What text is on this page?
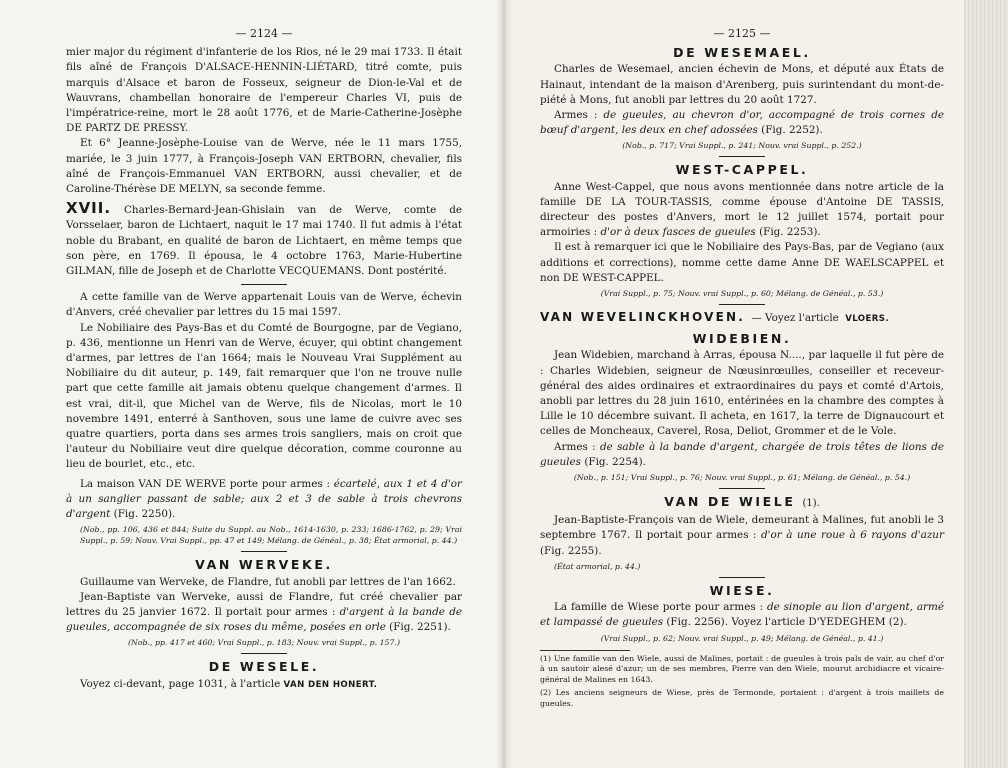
— 2124 —

mier major du régiment d'infanterie de los Rios, né le 29 mai 1733. Il était fils aîné de François D'ALSACE-HENNIN-LIÉTARD, titré comte, puis marquis d'Alsace et baron de Fosseux, seigneur de Dion-le-Val et de Wauvrans, chambellan honoraire de l'empereur Charles VI, puis de l'impératrice-reine, mort le 28 août 1776, et de Marie-Catherine-Josèphe DE PARTZ DE PRESSY.

Et 6° Jeanne-Josèphe-Louise van de Werve, née le 11 mars 1755, mariée, le 3 juin 1777, à François-Joseph VAN ERTBORN, chevalier, fils aîné de François-Emmanuel VAN ERTBORN, aussi chevalier, et de Caroline-Thérèse DE MELYN, sa seconde femme.

XVII. Charles-Bernard-Jean-Ghislain van de Werve, comte de Vorsselaer, baron de Lichtaert, naquit le 17 mai 1740. Il fut admis à l'état noble du Brabant, en qualité de baron de Lichtaert, en même temps que son père, en 1769. Il épousa, le 4 octobre 1763, Marie-Hubertine GILMAN, fille de Joseph et de Charlotte VECQUEMANS. Dont postérité.

A cette famille van de Werve appartenait Louis van de Werve, échevin d'Anvers, créé chevalier par lettres du 15 mai 1597.

Le Nobiliaire des Pays-Bas et du Comté de Bourgogne, par de Vegiano, p. 436, mentionne un Henri van de Werve, écuyer, qui obtint changement d'armes, par lettres de l'an 1664; mais le Nouveau Vrai Supplément au Nobiliaire du dit auteur, p. 149, fait remarquer que l'on ne trouve nulle part que cette famille ait jamais obtenu quelque changement d'armes. Il est vrai, dit-il, que Michel van de Werve, fils de Nicolas, mort le 10 novembre 1491, enterré à Santhoven, sous une lame de cuivre avec ses quatre quartiers, porta dans ses armes trois sangliers, mais on croit que l'auteur du Nobiliaire veut dire quelque décoration, comme couronne au lieu de bourlet, etc., etc.

La maison VAN DE WERVE porte pour armes : écartelé, aux 1 et 4 d'or à un sanglier passant de sable; aux 2 et 3 de sable à trois chevrons d'argent (Fig. 2250).

(Nob., pp. 106, 436 et 844; Suite du Suppl. au Nob., 1614-1630, p. 233; 1686-1762, p. 29; Vrai Suppl., p. 59; Nouv. Vrai Suppl., pp. 47 et 149; Mélang. de Généal., p. 38; État armorial, p. 44.)

VAN WERVEKE.

Guillaume van Werveke, de Flandre, fut anobli par lettres de l'an 1662.

Jean-Baptiste van Werveke, aussi de Flandre, fut créé chevalier par lettres du 25 janvier 1672. Il portait pour armes : d'argent à la bande de gueules, accompagnée de six roses du même, posées en orle (Fig. 2251).

(Nob., pp. 417 et 460; Vrai Suppl., p. 183; Nouv. vrai Suppl., p. 157.)

DE WESELE.

Voyez ci-devant, page 1031, à l'article VAN DEN HONERT.

— 2125 —
DE WESEMAEL.

Charles de Wesemael, ancien échevin de Mons, et député aux États de Hainaut, intendant de la maison d'Arenberg, puis surintendant du mont-de-piété à Mons, fut anobli par lettres du 20 août 1727.

Armes : de gueules, au chevron d'or, accompagné de trois cornes de bœuf d'argent, les deux en chef adossées (Fig. 2252).

(Nob., p. 717; Vrai Suppl., p. 241; Nouv. vrai Suppl., p. 252.)

WEST-CAPPEL.

Anne West-Cappel, que nous avons mentionnée dans notre article de la famille DE LA TOUR-TASSIS, comme épouse d'Antoine DE TASSIS, directeur des postes d'Anvers, mort le 12 juillet 1574, portait pour armoiries : d'or à deux fasces de gueules (Fig. 2253).

Il est à remarquer ici que le Nobiliaire des Pays-Bas, par de Vegiano (aux additions et corrections), nomme cette dame Anne DE WAELSCAPPEL et non DE WEST-CAPPEL.

(Vrai Suppl., p. 75; Nouv. vrai Suppl., p. 60; Mélang. de Généal., p. 53.)

VAN WEVELINCKHOVEN. — Voyez l'article VLOERS.
WIDEBIEN.

Jean Widebien, marchand à Arras, épousa N...., par laquelle il fut père de : Charles Widebien, seigneur de Nœusinrœulles, conseiller et receveur-général des aides ordinaires et extraordinaires du pays et comté d'Artois, anobli par lettres du 28 juin 1610, entérinées en la chambre des comptes à Lille le 10 décembre suivant. Il acheta, en 1617, la terre de Dignaucourt et celles de Moncheaux, Caverel, Rosa, Deliot, Grommer et de le Vole.

Armes : de sable à la bande d'argent, chargée de trois têtes de lions de gueules (Fig. 2254).

(Nob., p. 151; Vrai Suppl., p. 76; Nouv. vrai Suppl., p. 61; Mélang. de Généal., p. 54.)

VAN DE WIELE (1).

Jean-Baptiste-François van de Wiele, demeurant à Malines, fut anobli le 3 septembre 1767. Il portait pour armes : d'or à une roue à 6 rayons d'azur (Fig. 2255).

(État armorial, p. 44.)

WIESE.

La famille de Wiese porte pour armes : de sinople au lion d'argent, armé et lampassé de gueules (Fig. 2256). Voyez l'article D'YEDEGHEM (2).

(Vrai Suppl., p. 62; Nouv. vrai Suppl., p. 49; Mélang. de Généal., p. 41.)

(1) Une famille van den Wiele, aussi de Malines, portait : de gueules à trois pals de vair, au chef d'or à un sautoir alesé d'azur; un de ses membres, Pierre van den Wiele, mourut archidiacre et vicaire-général de Malines en 1643.

(2) Les anciens seigneurs de Wiese, près de Termonde, portaient : d'argent à trois maillets de gueules.
